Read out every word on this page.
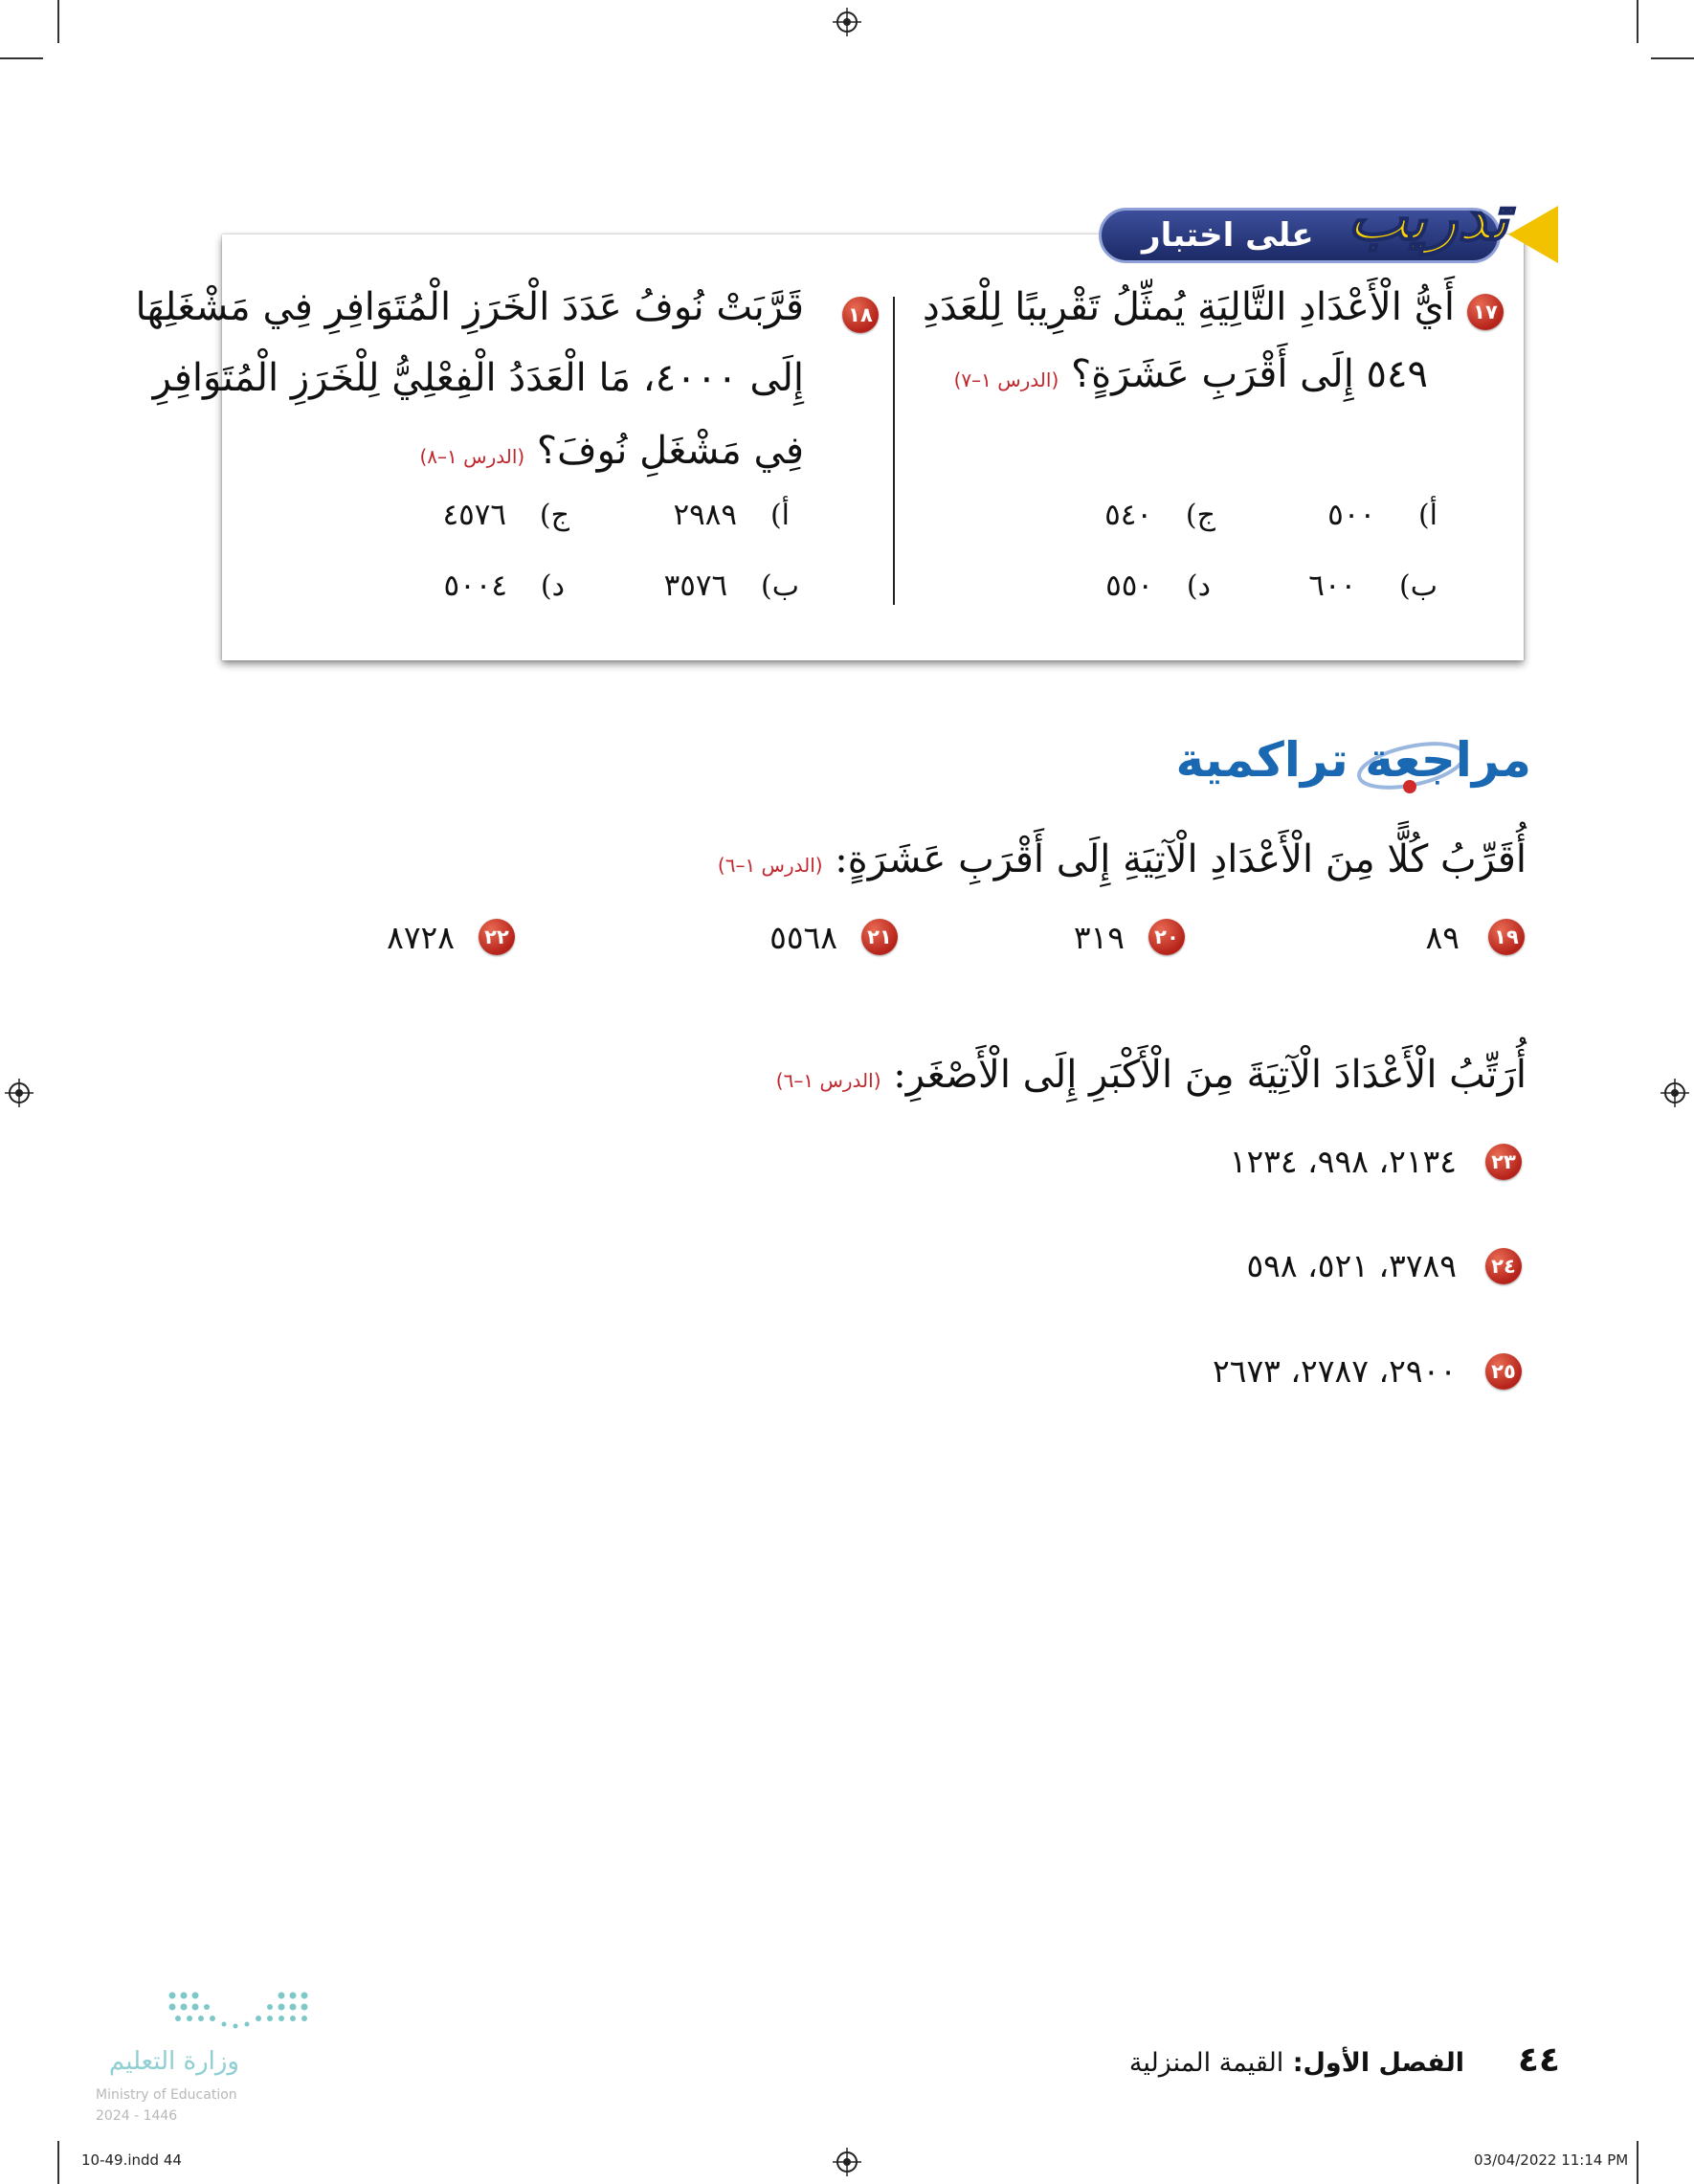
على اختبار تدريب
١٧
أَيُّ الْأَعْدَادِ التَّالِيَةِ يُمثِّلُ تَقْرِيبًا لِلْعَدَدِ
٥٤٩ إِلَى أَقْرَبِ عَشَرَةٍ؟ (الدرس ١–٧)
أ) ٥٠٠
ج) ٥٤٠
ب) ٦٠٠
د) ٥٥٠
١٨
قَرَّبَتْ نُوفُ عَدَدَ الْخَرَزِ الْمُتَوَافِرِ فِي مَشْغَلِهَا
إِلَى ٤٠٠٠، مَا الْعَدَدُ الْفِعْلِيُّ لِلْخَرَزِ الْمُتَوَافِرِ
فِي مَشْغَلِ نُوفَ؟ (الدرس ١–٨)
أ) ٢٩٨٩
ج) ٤٥٧٦
ب) ٣٥٧٦
د) ٥٠٠٤
مراجعة تراكمية
أُقَرِّبُ كُلًّا مِنَ الْأَعْدَادِ الْآتِيَةِ إِلَى أَقْرَبِ عَشَرَةٍ: (الدرس ١–٦)
١٩
٨٩
٢٠
٣١٩
٢١
٥٥٦٨
٢٢
٨٧٢٨
أُرَتِّبُ الْأَعْدَادَ الْآتِيَةَ مِنَ الْأَكْبَرِ إِلَى الْأَصْغَرِ: (الدرس ١–٦)
٢٣
٢١٣٤، ٩٩٨، ١٢٣٤
٢٤
٣٧٨٩، ٥٢١، ٥٩٨
٢٥
٢٩٠٠، ٢٧٨٧، ٢٦٧٣
وزارة التعليم
Ministry of Education
2024 - 1446
الفصل الأول: القيمة المنزلية	٤٤
10-49.indd 44	03/04/2022 11:14 PM
